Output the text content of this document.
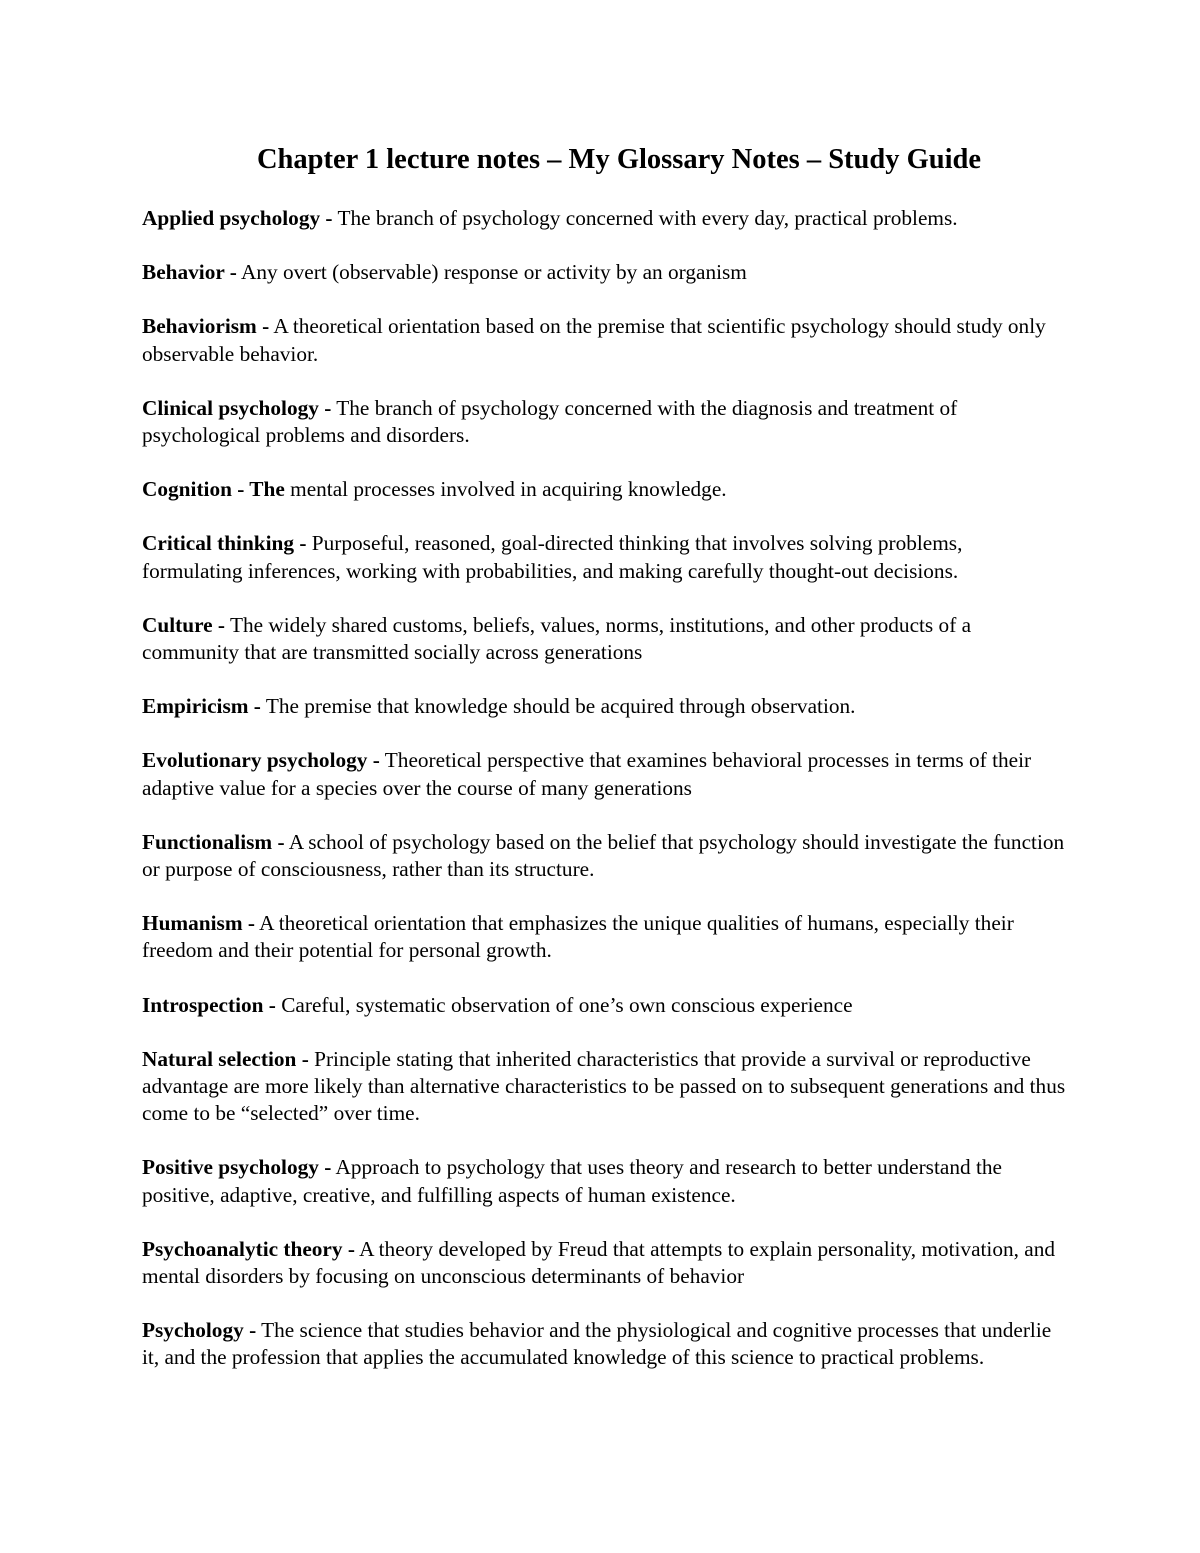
Chapter 1 lecture notes – My Glossary Notes – Study Guide

Applied psychology - The branch of psychology concerned with every day, practical problems.

Behavior - Any overt (observable) response or activity by an organism

Behaviorism - A theoretical orientation based on the premise that scientific psychology should study only observable behavior.

Clinical psychology - The branch of psychology concerned with the diagnosis and treatment of psychological problems and disorders.

Cognition - The mental processes involved in acquiring knowledge.

Critical thinking - Purposeful, reasoned, goal-directed thinking that involves solving problems, formulating inferences, working with probabilities, and making carefully thought-out decisions.

Culture - The widely shared customs, beliefs, values, norms, institutions, and other products of a community that are transmitted socially across generations

Empiricism - The premise that knowledge should be acquired through observation.

Evolutionary psychology - Theoretical perspective that examines behavioral processes in terms of their adaptive value for a species over the course of many generations

Functionalism - A school of psychology based on the belief that psychology should investigate the function or purpose of consciousness, rather than its structure.

Humanism - A theoretical orientation that emphasizes the unique qualities of humans, especially their freedom and their potential for personal growth.

Introspection - Careful, systematic observation of one’s own conscious experience

Natural selection - Principle stating that inherited characteristics that provide a survival or reproductive advantage are more likely than alternative characteristics to be passed on to subsequent generations and thus come to be “selected” over time.

Positive psychology - Approach to psychology that uses theory and research to better understand the positive, adaptive, creative, and fulfilling aspects of human existence.

Psychoanalytic theory - A theory developed by Freud that attempts to explain personality, motivation, and mental disorders by focusing on unconscious determinants of behavior

Psychology - The science that studies behavior and the physiological and cognitive processes that underlie it, and the profession that applies the accumulated knowledge of this science to practical problems.
